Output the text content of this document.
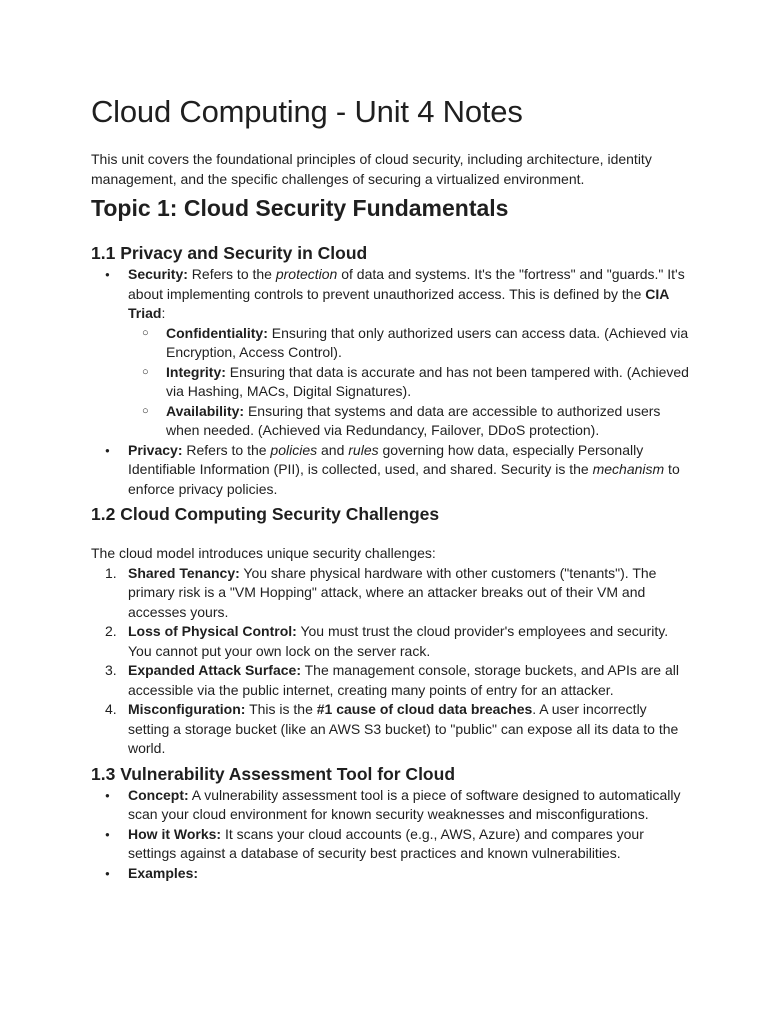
Cloud Computing - Unit 4 Notes

This unit covers the foundational principles of cloud security, including architecture, identity management, and the specific challenges of securing a virtualized environment.

Topic 1: Cloud Security Fundamentals
1.1 Privacy and Security in Cloud
● Security: Refers to the protection of data and systems. It's the "fortress" and "guards." It's about implementing controls to prevent unauthorized access. This is defined by the CIA Triad:
○ Confidentiality: Ensuring that only authorized users can access data. (Achieved via Encryption, Access Control).
○ Integrity: Ensuring that data is accurate and has not been tampered with. (Achieved via Hashing, MACs, Digital Signatures).
○ Availability: Ensuring that systems and data are accessible to authorized users when needed. (Achieved via Redundancy, Failover, DDoS protection).
● Privacy: Refers to the policies and rules governing how data, especially Personally Identifiable Information (PII), is collected, used, and shared. Security is the mechanism to enforce privacy policies.
1.2 Cloud Computing Security Challenges

The cloud model introduces unique security challenges:

1. Shared Tenancy: You share physical hardware with other customers ("tenants"). The primary risk is a "VM Hopping" attack, where an attacker breaks out of their VM and accesses yours.
2. Loss of Physical Control: You must trust the cloud provider's employees and security. You cannot put your own lock on the server rack.
3. Expanded Attack Surface: The management console, storage buckets, and APIs are all accessible via the public internet, creating many points of entry for an attacker.
4. Misconfiguration: This is the #1 cause of cloud data breaches. A user incorrectly setting a storage bucket (like an AWS S3 bucket) to "public" can expose all its data to the world.
1.3 Vulnerability Assessment Tool for Cloud
● Concept: A vulnerability assessment tool is a piece of software designed to automatically scan your cloud environment for known security weaknesses and misconfigurations.
● How it Works: It scans your cloud accounts (e.g., AWS, Azure) and compares your settings against a database of security best practices and known vulnerabilities.
● Examples:
